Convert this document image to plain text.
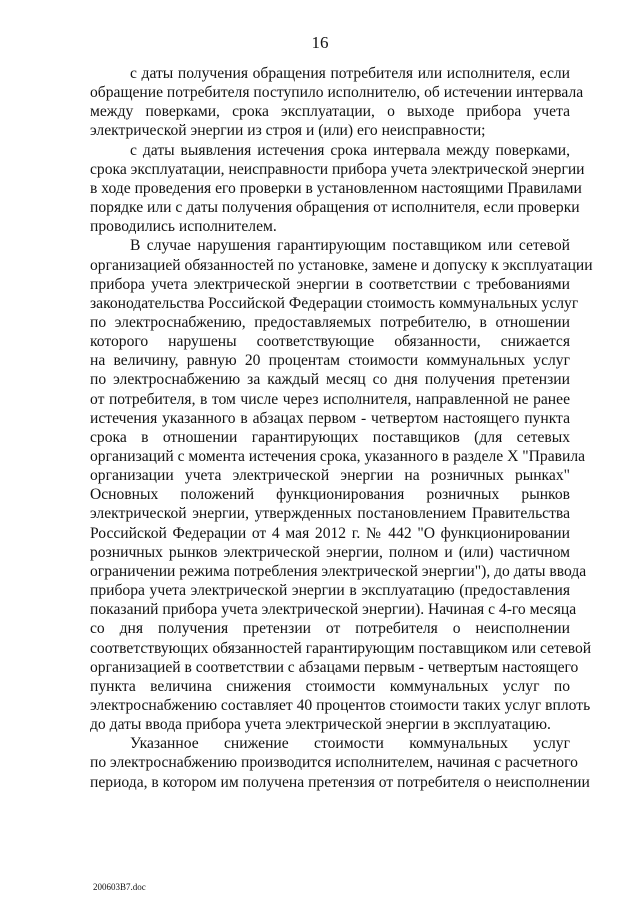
16
с даты получения обращения потребителя или исполнителя, если
обращение потребителя поступило исполнителю, об истечении интервала
между поверками, срока эксплуатации, о выходе прибора учета
электрической энергии из строя и (или) его неисправности;
с даты выявления истечения срока интервала между поверками,
срока эксплуатации, неисправности прибора учета электрической энергии
в ходе проведения его проверки в установленном настоящими Правилами
порядке или с даты получения обращения от исполнителя, если проверки
проводились исполнителем.
В случае нарушения гарантирующим поставщиком или сетевой
организацией обязанностей по установке, замене и допуску к эксплуатации
прибора учета электрической энергии в соответствии с требованиями
законодательства Российской Федерации стоимость коммунальных услуг
по электроснабжению, предоставляемых потребителю, в отношении
которого нарушены соответствующие обязанности, снижается
на величину, равную 20 процентам стоимости коммунальных услуг
по электроснабжению за каждый месяц со дня получения претензии
от потребителя, в том числе через исполнителя, направленной не ранее
истечения указанного в абзацах первом - четвертом настоящего пункта
срока в отношении гарантирующих поставщиков (для сетевых
организаций с момента истечения срока, указанного в разделе X "Правила
организации учета электрической энергии на розничных рынках"
Основных положений функционирования розничных рынков
электрической энергии, утвержденных постановлением Правительства
Российской Федерации от 4 мая 2012 г. № 442 "О функционировании
розничных рынков электрической энергии, полном и (или) частичном
ограничении режима потребления электрической энергии"), до даты ввода
прибора учета электрической энергии в эксплуатацию (предоставления
показаний прибора учета электрической энергии). Начиная с 4-го месяца
со дня получения претензии от потребителя о неисполнении
соответствующих обязанностей гарантирующим поставщиком или сетевой
организацией в соответствии с абзацами первым - четвертым настоящего
пункта величина снижения стоимости коммунальных услуг по
электроснабжению составляет 40 процентов стоимости таких услуг вплоть
до даты ввода прибора учета электрической энергии в эксплуатацию.
Указанное снижение стоимости коммунальных услуг
по электроснабжению производится исполнителем, начиная с расчетного
периода, в котором им получена претензия от потребителя о неисполнении
200603B7.doc
